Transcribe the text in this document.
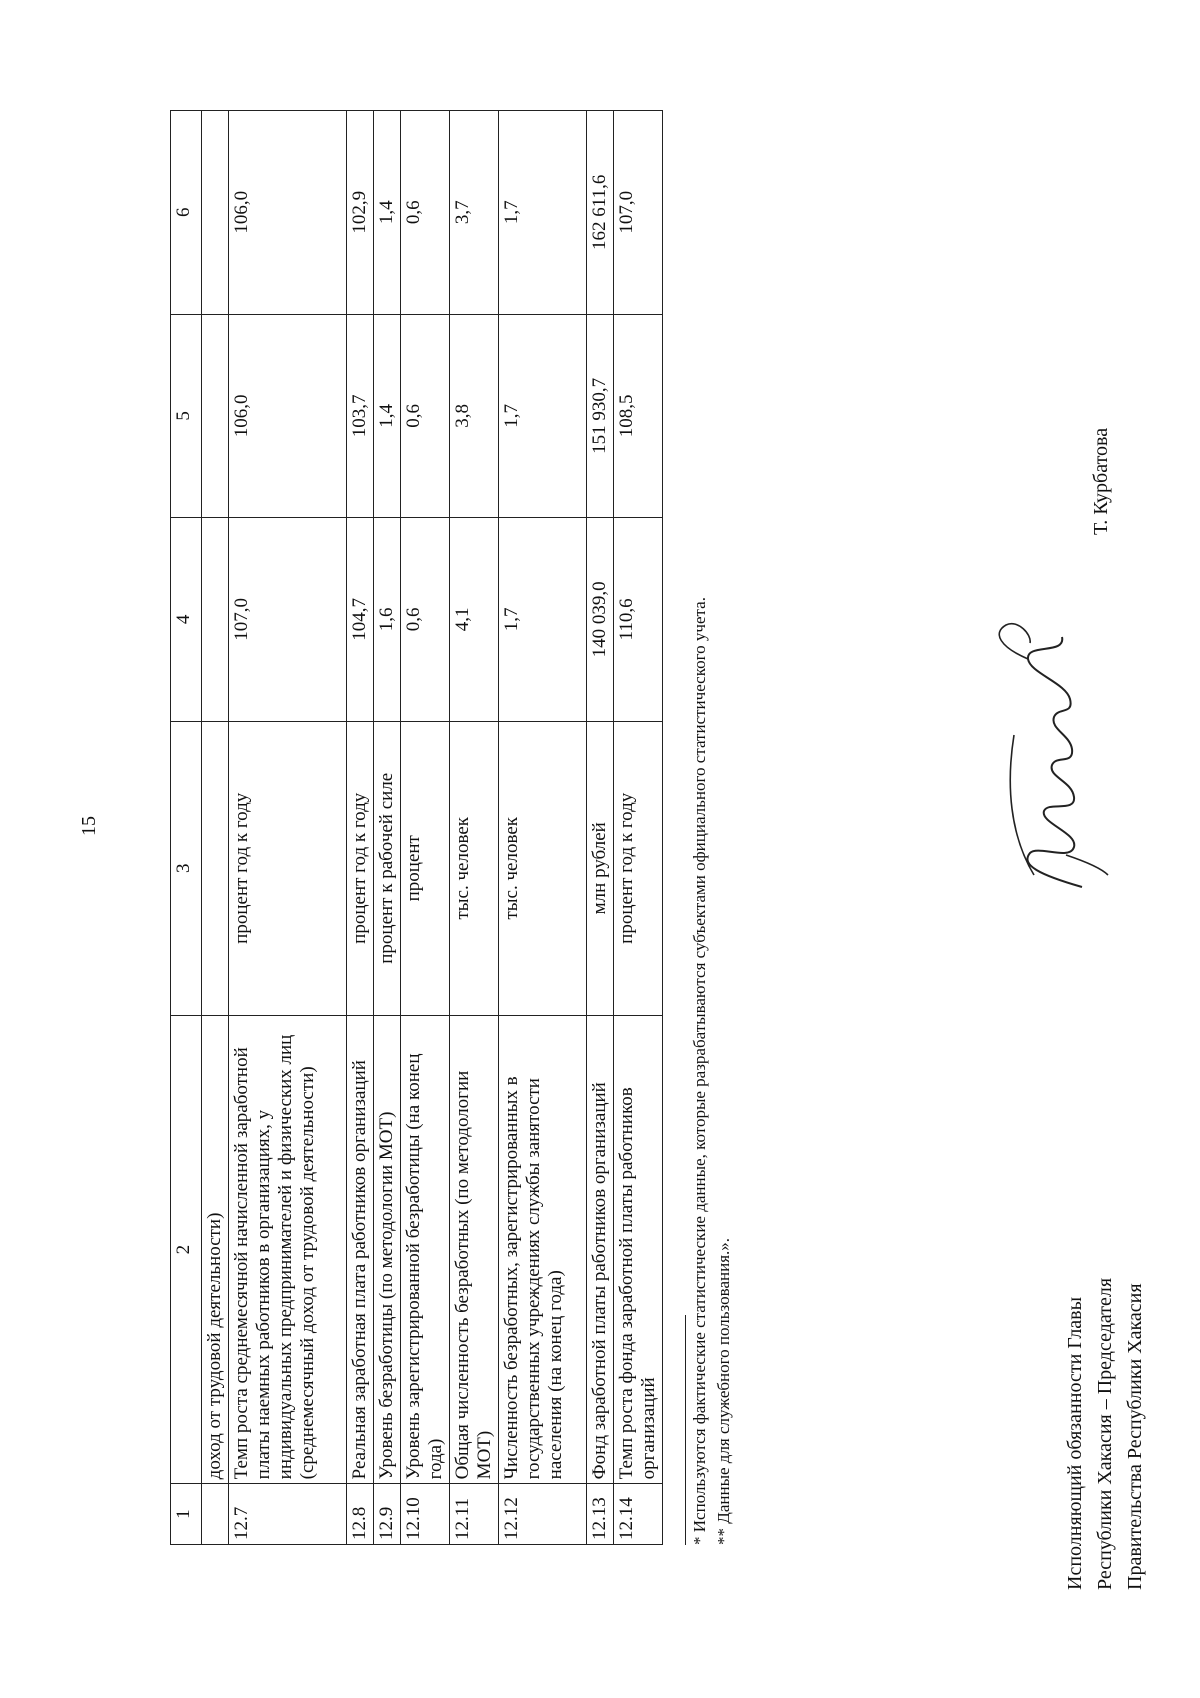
15
1	2	3	4	5	6
	доход от трудовой деятельности)				
12.7	Темп роста среднемесячной начисленной заработной платы наемных работников в организациях, у индивидуальных предпринимателей и физических лиц (среднемесячный доход от трудовой деятельности)	процент год к году	107,0	106,0	106,0
12.8	Реальная заработная плата работников организаций	процент год к году	104,7	103,7	102,9
12.9	Уровень безработицы (по методологии МОТ)	процент к рабочей силе	1,6	1,4	1,4
12.10	Уровень зарегистрированной безработицы (на конец года)	процент	0,6	0,6	0,6
12.11	Общая численность безработных (по методологии МОТ)	тыс. человек	4,1	3,8	3,7
12.12	Численность безработных, зарегистрированных в государственных учреждениях службы занятости населения (на конец года)	тыс. человек	1,7	1,7	1,7
12.13	Фонд заработной платы работников организаций	млн рублей	140 039,0	151 930,7	162 611,6
12.14	Темп роста фонда заработной платы работников организаций	процент год к году	110,6	108,5	107,0
* Используются фактические статистические данные, которые разрабатываются субъектами официального статистического учета. ** Данные для служебного пользования.».	Исполняющий обязанности Главы Республики Хакасия – Председателя Правительства Республики Хакасия
Т. Курбатова
